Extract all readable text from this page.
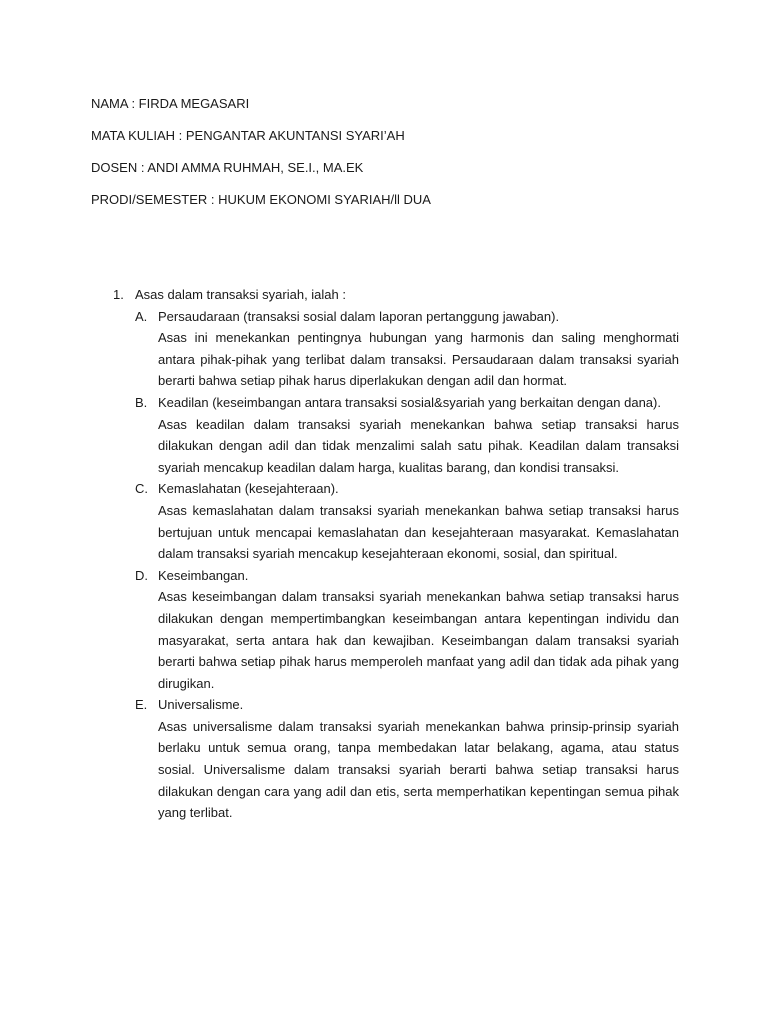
NAMA : FIRDA MEGASARI
MATA KULIAH : PENGANTAR AKUNTANSI SYARI’AH
DOSEN : ANDI AMMA RUHMAH, SE.I., MA.EK
PRODI/SEMESTER : HUKUM EKONOMI SYARIAH/ll DUA
1. Asas dalam transaksi syariah, ialah :
A. Persaudaraan (transaksi sosial dalam laporan pertanggung jawaban).
Asas ini menekankan pentingnya hubungan yang harmonis dan saling menghormati antara pihak-pihak yang terlibat dalam transaksi. Persaudaraan dalam transaksi syariah berarti bahwa setiap pihak harus diperlakukan dengan adil dan hormat.
B. Keadilan (keseimbangan antara transaksi sosial&syariah yang berkaitan dengan dana).
Asas keadilan dalam transaksi syariah menekankan bahwa setiap transaksi harus dilakukan dengan adil dan tidak menzalimi salah satu pihak. Keadilan dalam transaksi syariah mencakup keadilan dalam harga, kualitas barang, dan kondisi transaksi.
C. Kemaslahatan (kesejahteraan).
Asas kemaslahatan dalam transaksi syariah menekankan bahwa setiap transaksi harus bertujuan untuk mencapai kemaslahatan dan kesejahteraan masyarakat. Kemaslahatan dalam transaksi syariah mencakup kesejahteraan ekonomi, sosial, dan spiritual.
D. Keseimbangan.
Asas keseimbangan dalam transaksi syariah menekankan bahwa setiap transaksi harus dilakukan dengan mempertimbangkan keseimbangan antara kepentingan individu dan masyarakat, serta antara hak dan kewajiban. Keseimbangan dalam transaksi syariah berarti bahwa setiap pihak harus memperoleh manfaat yang adil dan tidak ada pihak yang dirugikan.
E. Universalisme.
Asas universalisme dalam transaksi syariah menekankan bahwa prinsip-prinsip syariah berlaku untuk semua orang, tanpa membedakan latar belakang, agama, atau status sosial. Universalisme dalam transaksi syariah berarti bahwa setiap transaksi harus dilakukan dengan cara yang adil dan etis, serta memperhatikan kepentingan semua pihak yang terlibat.
